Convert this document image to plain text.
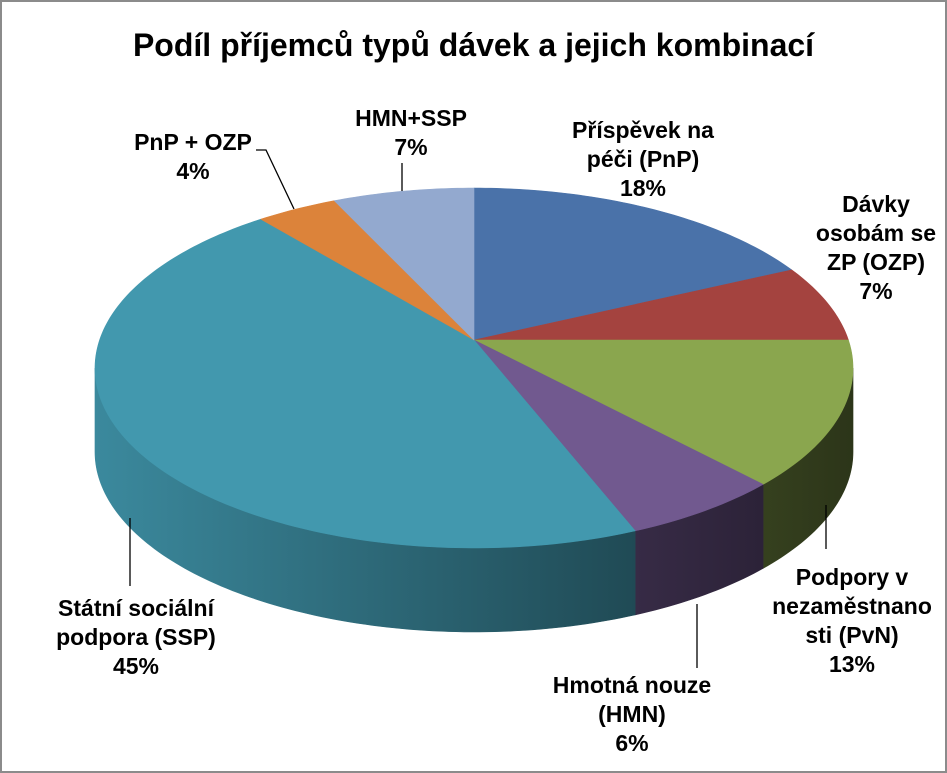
Podíl příjemců typů dávek a jejich kombinací
Příspěvek na
péči (PnP)
18%
Dávky
osobám se
ZP (OZP)
7%
Podpory v
nezaměstnano
sti (PvN)
13%
Hmotná nouze
(HMN)
6%
Státní sociální
podpora (SSP)
45%
PnP + OZP
4%
HMN+SSP
7%
